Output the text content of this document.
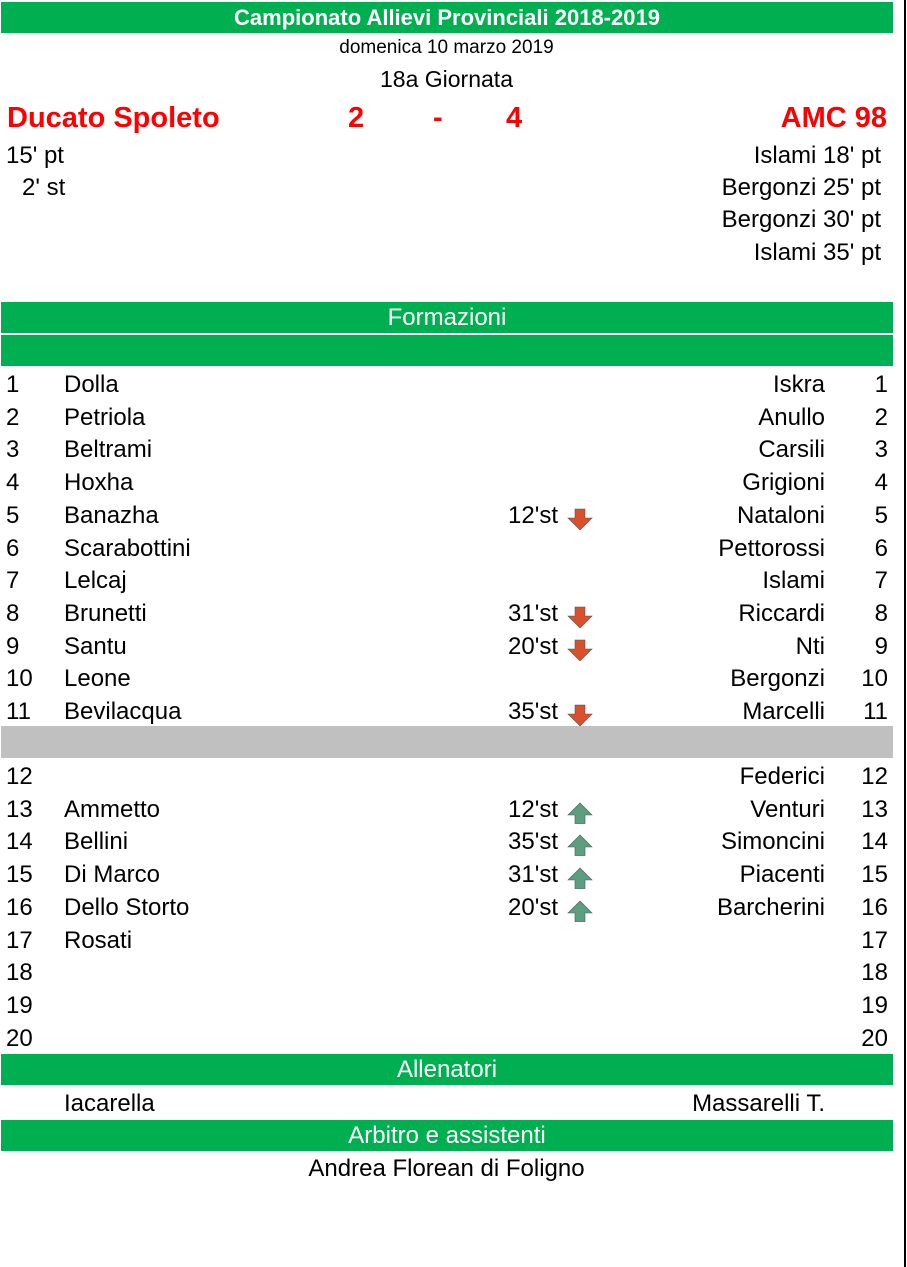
Campionato Allievi Provinciali 2018-2019
domenica 10 marzo 2019
18a Giornata
Ducato Spoleto	2 - 4	AMC 98
15' pt
2' st
Islami 18' pt
Bergonzi 25' pt
Bergonzi 30' pt
Islami 35' pt
Formazioni
1 Dolla	Iskra 1
2 Petriola	Anullo 2
3 Beltrami	Carsili 3
4 Hoxha	Grigioni 4
5 Banazha	12'st	Nataloni 5
6 Scarabottini	Pettorossi 6
7 Lelcaj	Islami 7
8 Brunetti	31'st	Riccardi 8
9 Santu	20'st	Nti 9
10 Leone	Bergonzi 10
11 Bevilacqua	35'st	Marcelli 11
12	Federici 12
13 Ammetto	12'st	Venturi 13
14 Bellini	35'st	Simoncini 14
15 Di Marco	31'st	Piacenti 15
16 Dello Storto	20'st	Barcherini 16
17 Rosati	17
18	18
19	19
20	20
Allenatori
Iacarella	Massarelli T.
Arbitro e assistenti
Andrea Florean di Foligno
